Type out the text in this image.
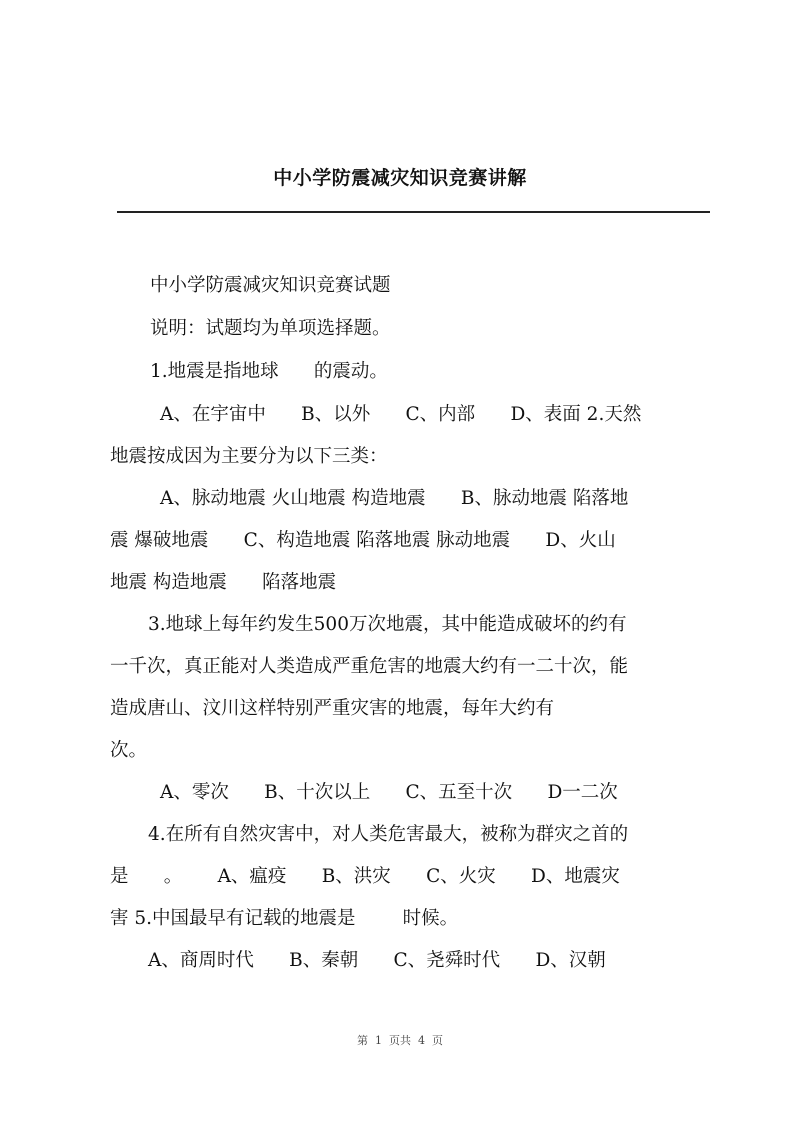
中小学防震减灾知识竞赛讲解
中小学防震减灾知识竞赛试题
说明：试题均为单项选择题。
1.地震是指地球      的震动。
A、在宇宙中      B、以外      C、内部      D、表面 2.天然
地震按成因为主要分为以下三类：
A、脉动地震 火山地震 构造地震      B、脉动地震 陷落地
震 爆破地震      C、构造地震 陷落地震 脉动地震      D、火山
地震 构造地震      陷落地震
3.地球上每年约发生500万次地震，其中能造成破坏的约有
一千次，真正能对人类造成严重危害的地震大约有一二十次，能
造成唐山、汶川这样特别严重灾害的地震，每年大约有
次。
A、零次      B、十次以上      C、五至十次      D一二次
4.在所有自然灾害中，对人类危害最大，被称为群灾之首的
是      。      A、瘟疫      B、洪灾      C、火灾      D、地震灾
害 5.中国最早有记载的地震是        时候。
A、商周时代      B、秦朝      C、尧舜时代      D、汉朝
第  1  页共  4  页
